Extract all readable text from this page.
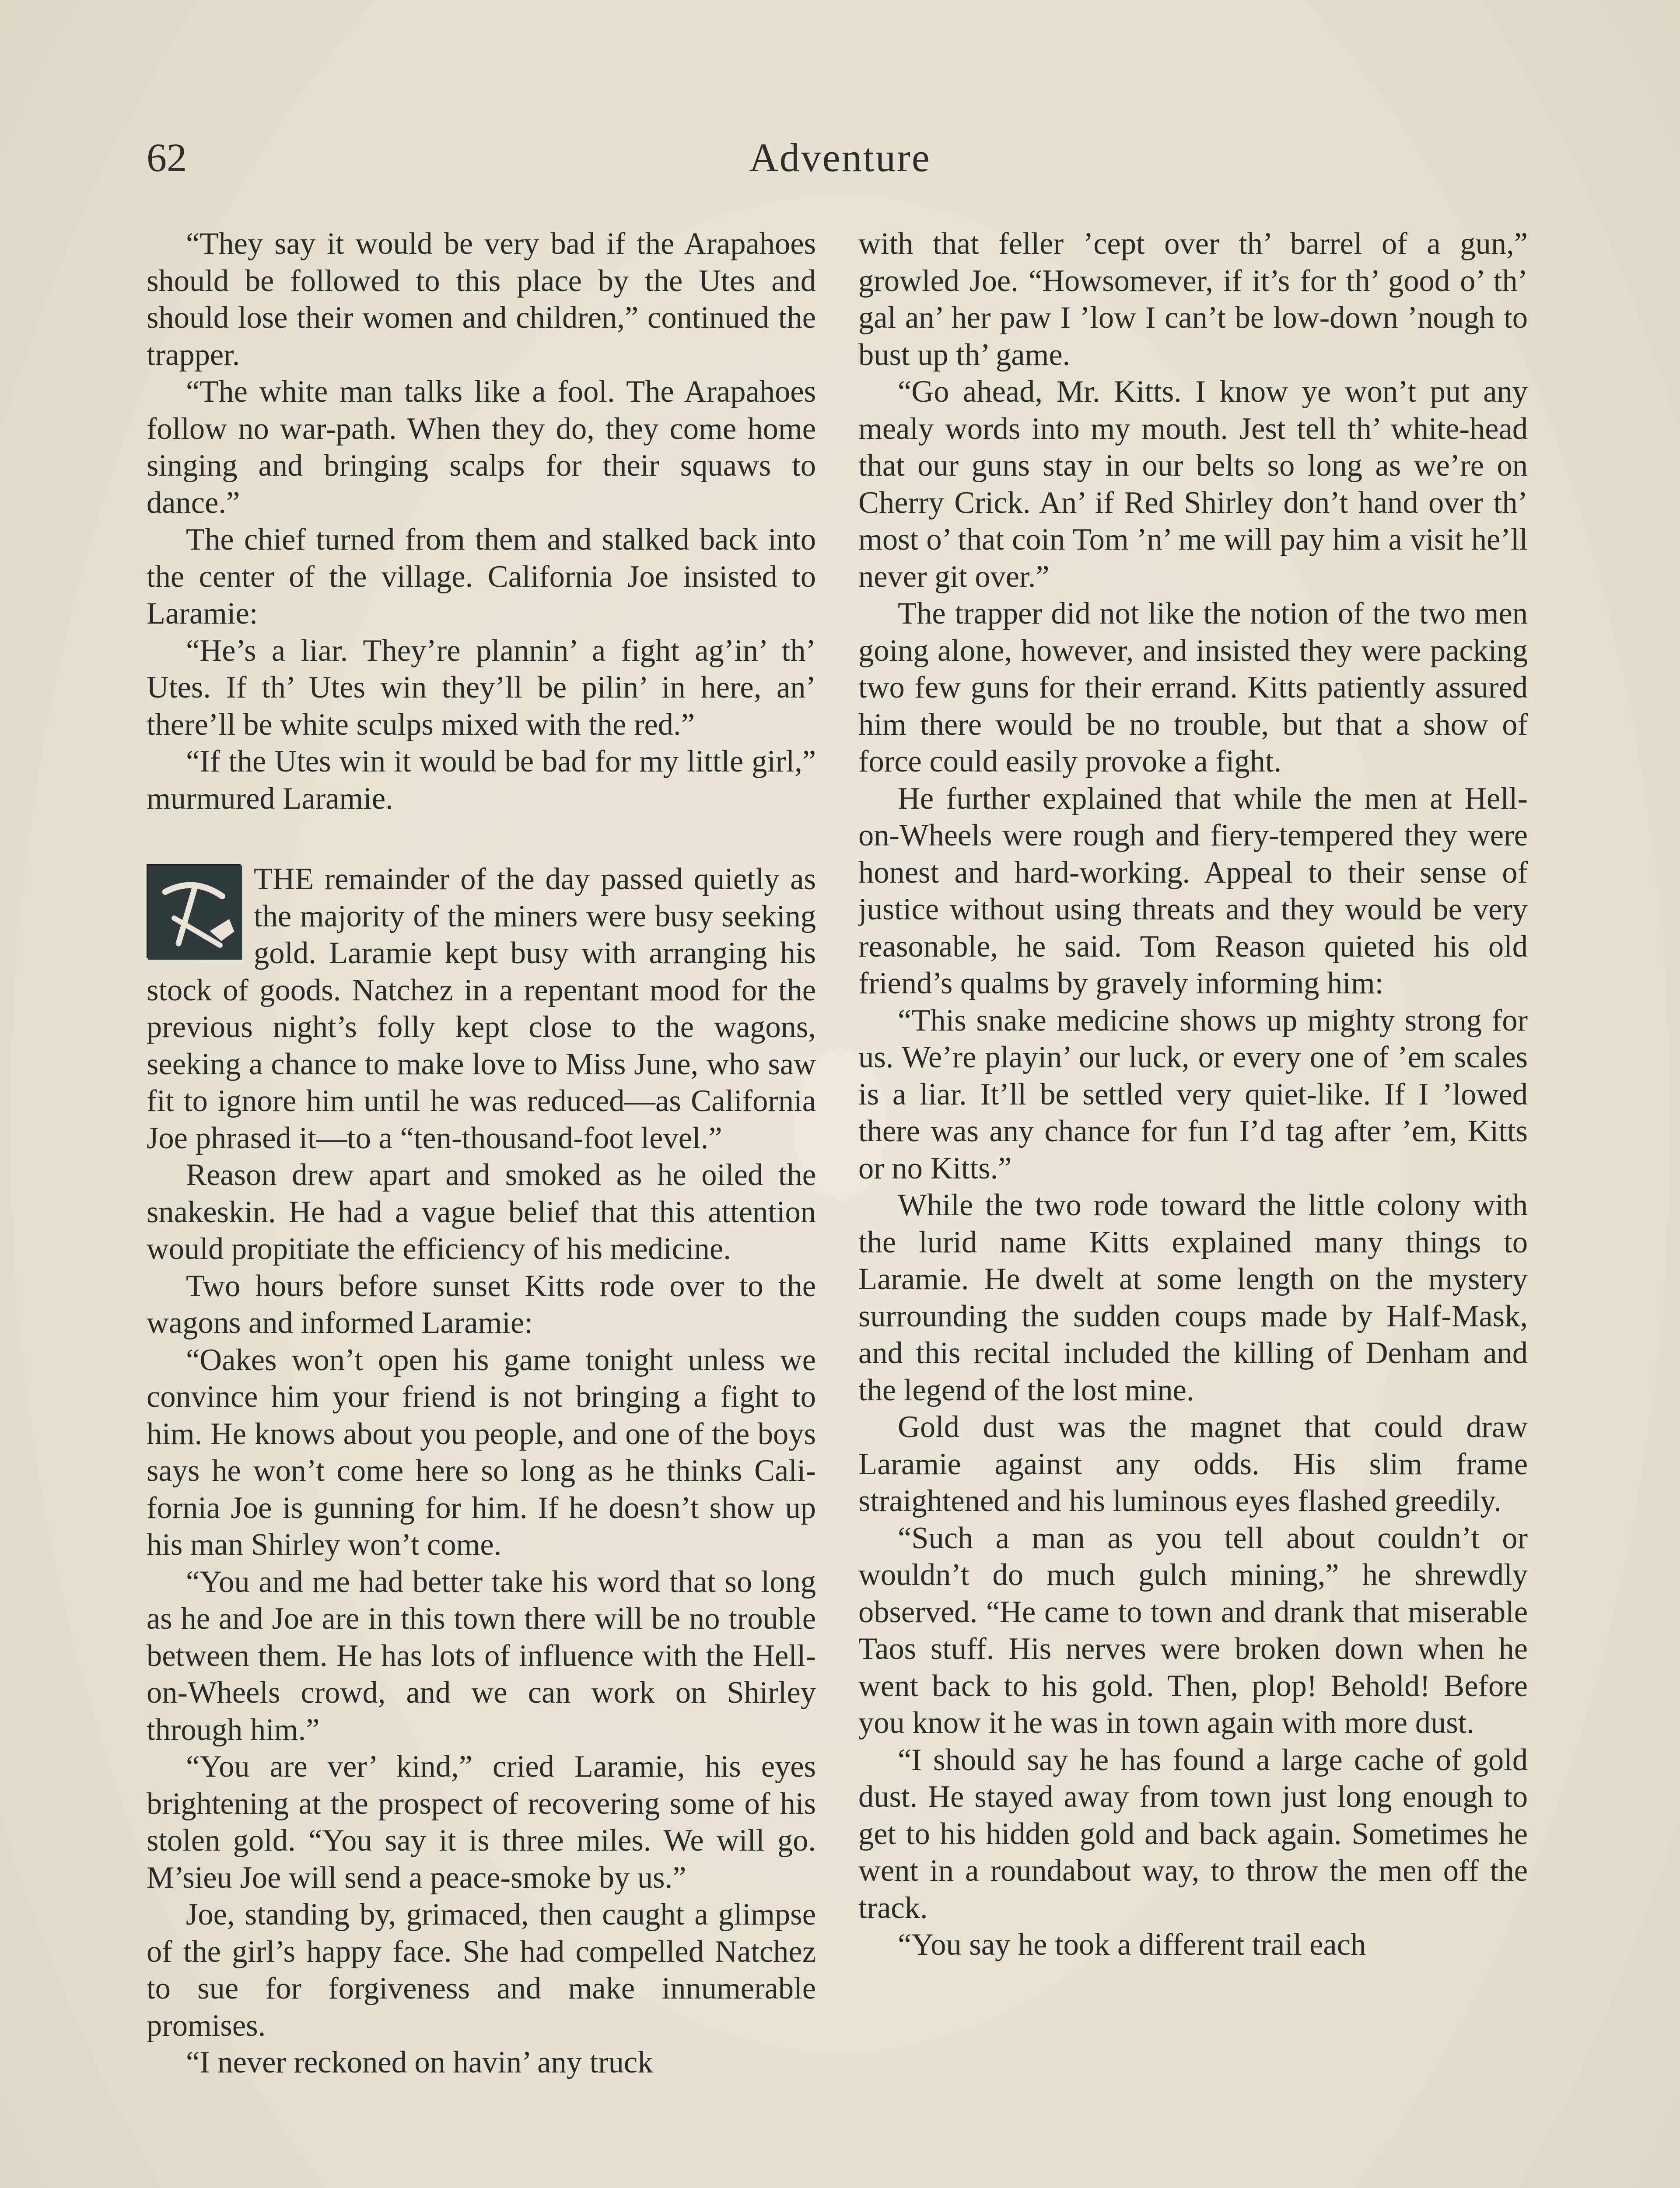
62	Adventure

“They say it would be very bad if the Arapahoes should be followed to this place by the Utes and should lose their women and children,” continued the trapper.

“The white man talks like a fool. The Arapahoes follow no war-path. When they do, they come home singing and bringing scalps for their squaws to dance.”

The chief turned from them and stalked back into the center of the village. California Joe insisted to Laramie:

“He’s a liar. They’re plannin’ a fight ag’in’ th’ Utes. If th’ Utes win they’ll be pilin’ in here, an’ there’ll be white sculps mixed with the red.”

“If the Utes win it would be bad for my little girl,” murmured Laramie.

THE remainder of the day passed quietly as the majority of the miners were busy seeking gold. Laramie kept busy with arranging his stock of goods. Natchez in a repentant mood for the previous night’s folly kept close to the wagons, seeking a chance to make love to Miss June, who saw fit to ignore him until he was reduced—as California Joe phrased it—to a “ten-thousand-foot level.”

Reason drew apart and smoked as he oiled the snakeskin. He had a vague belief that this attention would propitiate the efficiency of his medicine.

Two hours before sunset Kitts rode over to the wagons and informed Laramie:

“Oakes won’t open his game tonight unless we convince him your friend is not bringing a fight to him. He knows about you people, and one of the boys says he won’t come here so long as he thinks California Joe is gunning for him. If he doesn’t show up his man Shirley won’t come.

“You and me had better take his word that so long as he and Joe are in this town there will be no trouble between them. He has lots of influence with the Hell-on-Wheels crowd, and we can work on Shirley through him.”

“You are ver’ kind,” cried Laramie, his eyes brightening at the prospect of recovering some of his stolen gold. “You say it is three miles. We will go. M’sieu Joe will send a peace-smoke by us.”

Joe, standing by, grimaced, then caught a glimpse of the girl’s happy face. She had compelled Natchez to sue for forgiveness and make innumerable promises.

“I never reckoned on havin’ any truck

with that feller ’cept over th’ barrel of a gun,” growled Joe. “Howsomever, if it’s for th’ good o’ th’ gal an’ her paw I ’low I can’t be low-down ’nough to bust up th’ game.

“Go ahead, Mr. Kitts. I know ye won’t put any mealy words into my mouth. Jest tell th’ white-head that our guns stay in our belts so long as we’re on Cherry Crick. An’ if Red Shirley don’t hand over th’ most o’ that coin Tom ’n’ me will pay him a visit he’ll never git over.”

The trapper did not like the notion of the two men going alone, however, and insisted they were packing two few guns for their errand. Kitts patiently assured him there would be no trouble, but that a show of force could easily provoke a fight.

He further explained that while the men at Hell-on-Wheels were rough and fiery-tempered they were honest and hard-working. Appeal to their sense of justice without using threats and they would be very reasonable, he said. Tom Reason quieted his old friend’s qualms by gravely informing him:

“This snake medicine shows up mighty strong for us. We’re playin’ our luck, or every one of ’em scales is a liar. It’ll be settled very quiet-like. If I ’lowed there was any chance for fun I’d tag after ’em, Kitts or no Kitts.”

While the two rode toward the little colony with the lurid name Kitts explained many things to Laramie. He dwelt at some length on the mystery surrounding the sudden coups made by Half-Mask, and this recital included the killing of Denham and the legend of the lost mine.

Gold dust was the magnet that could draw Laramie against any odds. His slim frame straightened and his luminous eyes flashed greedily.

“Such a man as you tell about couldn’t or wouldn’t do much gulch mining,” he shrewdly observed. “He came to town and drank that miserable Taos stuff. His nerves were broken down when he went back to his gold. Then, plop! Behold! Before you know it he was in town again with more dust.

“I should say he has found a large cache of gold dust. He stayed away from town just long enough to get to his hidden gold and back again. Sometimes he went in a roundabout way, to throw the men off the track.

“You say he took a different trail each
